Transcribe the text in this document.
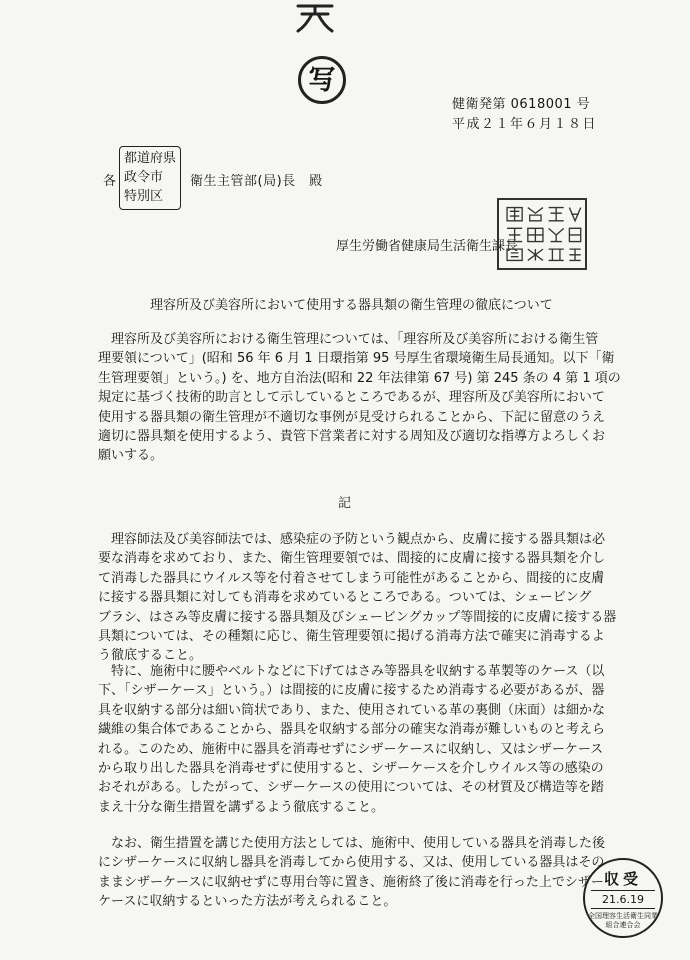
写
健衛発第 0618001 号
平成２１年６月１８日
各
都道府県
政令市
特別区
衛生主管部(局)長　殿
厚生労働省健康局生活衛生課長
理容所及び美容所において使用する器具類の衛生管理の徹底について
理容所及び美容所における衛生管理については、「理容所及び美容所における衛生管
理要領について」(昭和 56 年 6 月 1 日環指第 95 号厚生省環境衛生局長通知。以下「衛
生管理要領」という。) を、地方自治法(昭和 22 年法律第 67 号) 第 245 条の 4 第 1 項の
規定に基づく技術的助言として示しているところであるが、理容所及び美容所において
使用する器具類の衛生管理が不適切な事例が見受けられることから、下記に留意のうえ
適切に器具類を使用するよう、貴管下営業者に対する周知及び適切な指導方よろしくお
願いする。
記
理容師法及び美容師法では、感染症の予防という観点から、皮膚に接する器具類は必
要な消毒を求めており、また、衛生管理要領では、間接的に皮膚に接する器具類を介し
て消毒した器具にウイルス等を付着させてしまう可能性があることから、間接的に皮膚
に接する器具類に対しても消毒を求めているところである。ついては、シェービング
ブラシ、はさみ等皮膚に接する器具類及びシェービングカップ等間接的に皮膚に接する器
具類については、その種類に応じ、衛生管理要領に掲げる消毒方法で確実に消毒するよ
う徹底すること。
特に、施術中に腰やベルトなどに下げてはさみ等器具を収納する革製等のケース（以
下、「シザーケース」という。）は間接的に皮膚に接するため消毒する必要があるが、器
具を収納する部分は細い筒状であり、また、使用されている革の裏側（床面）は細かな
繊維の集合体であることから、器具を収納する部分の確実な消毒が難しいものと考えら
れる。このため、施術中に器具を消毒せずにシザーケースに収納し、又はシザーケース
から取り出した器具を消毒せずに使用すると、シザーケースを介しウイルス等の感染の
おそれがある。したがって、シザーケースの使用については、その材質及び構造等を踏
まえ十分な衛生措置を講ずるよう徹底すること。
なお、衛生措置を講じた使用方法としては、施術中、使用している器具を消毒した後
にシザーケースに収納し器具を消毒してから使用する、又は、使用している器具はその
ままシザーケースに収納せずに専用台等に置き、施術終了後に消毒を行った上でシザー
ケースに収納するといった方法が考えられること。
収受
21.6.19
全国理容生活衛生同業組合連合会
